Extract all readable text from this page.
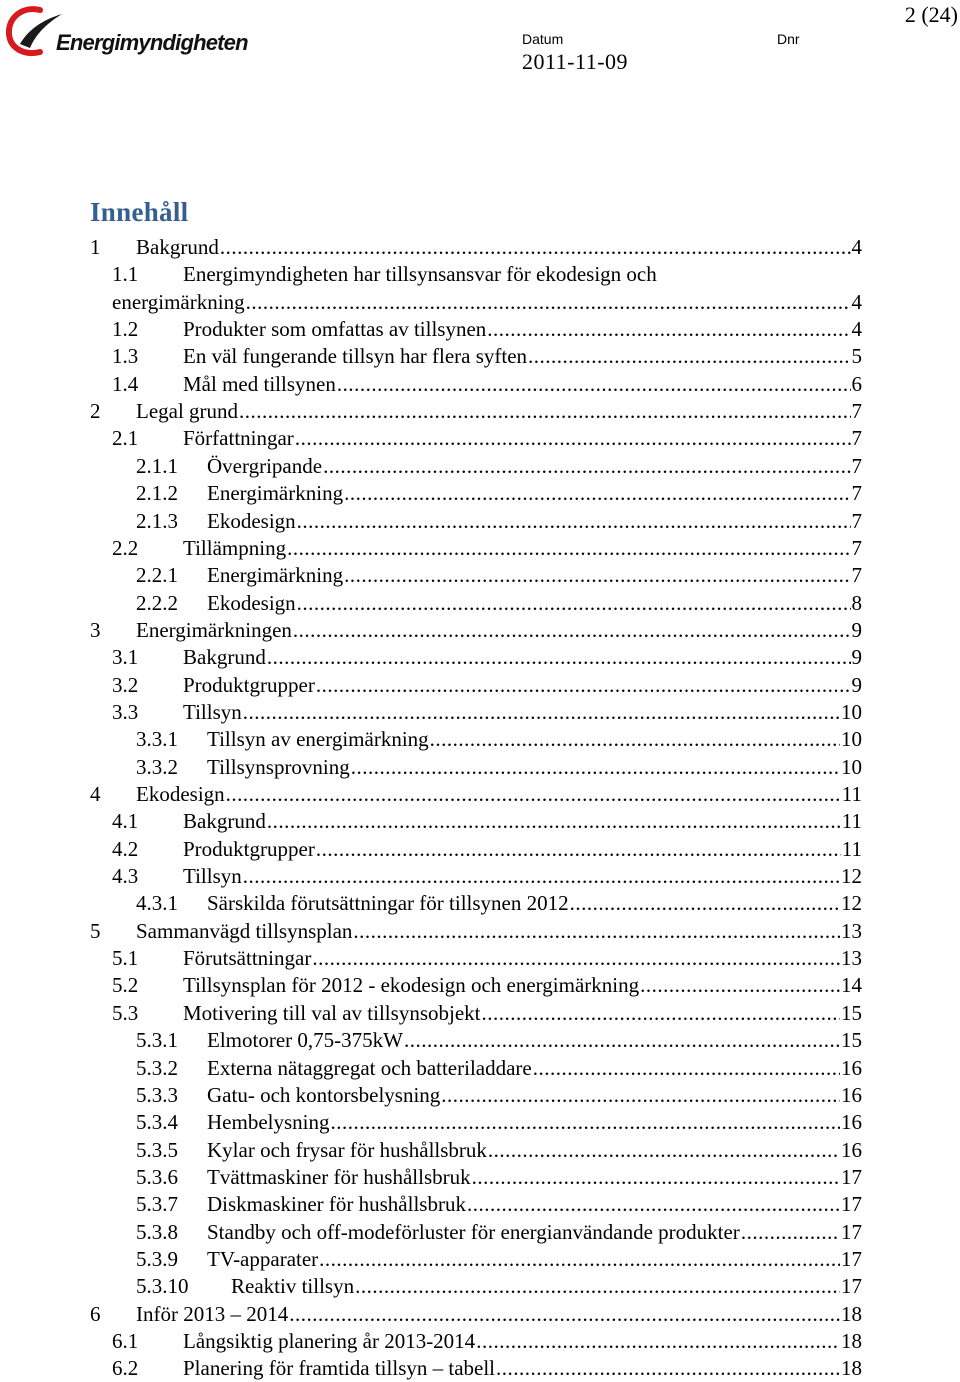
Energimyndigheten	Datum
2011-11-09
Dnr
2 (24)
Innehåll
1	Bakgrund .....	4
1.1 Energimyndigheten har tillsynsansvar för ekodesign och
energimärkning .....	4
1.2	Produkter som omfattas av tillsynen .....	4
1.3	En väl fungerande tillsyn har flera syften .....	5
1.4	Mål med tillsynen .....	6
2	Legal grund .....	7
2.1	Författningar .....	7
2.1.1	Övergripande .....	7
2.1.2	Energimärkning .....	7
2.1.3	Ekodesign .....	7
2.2	Tillämpning .....	7
2.2.1	Energimärkning .....	7
2.2.2	Ekodesign .....	8
3	Energimärkningen .....	9
3.1	Bakgrund .....	9
3.2	Produktgrupper .....	9
3.3	Tillsyn .....	10
3.3.1	Tillsyn av energimärkning .....	10
3.3.2	Tillsynsprovning .....	10
4	Ekodesign .....	11
4.1	Bakgrund .....	11
4.2	Produktgrupper .....	11
4.3	Tillsyn .....	12
4.3.1	Särskilda förutsättningar för tillsynen 2012 .....	12
5	Sammanvägd tillsynsplan .....	13
5.1	Förutsättningar .....	13
5.2	Tillsynsplan för 2012 - ekodesign och energimärkning .....	14
5.3	Motivering till val av tillsynsobjekt .....	15
5.3.1	Elmotorer 0,75-375kW .....	15
5.3.2	Externa nätaggregat och batteriladdare .....	16
5.3.3	Gatu- och kontorsbelysning .....	16
5.3.4	Hembelysning .....	16
5.3.5	Kylar och frysar för hushållsbruk .....	16
5.3.6	Tvättmaskiner för hushållsbruk .....	17
5.3.7	Diskmaskiner för hushållsbruk .....	17
5.3.8	Standby och off-modeförluster för energianvändande produkter .....	17
5.3.9	TV-apparater .....	17
5.3.10	Reaktiv tillsyn .....	17
6	Inför 2013 – 2014 .....	18
6.1	Långsiktig planering år 2013-2014 .....	18
6.2	Planering för framtida tillsyn – tabell .....	18
